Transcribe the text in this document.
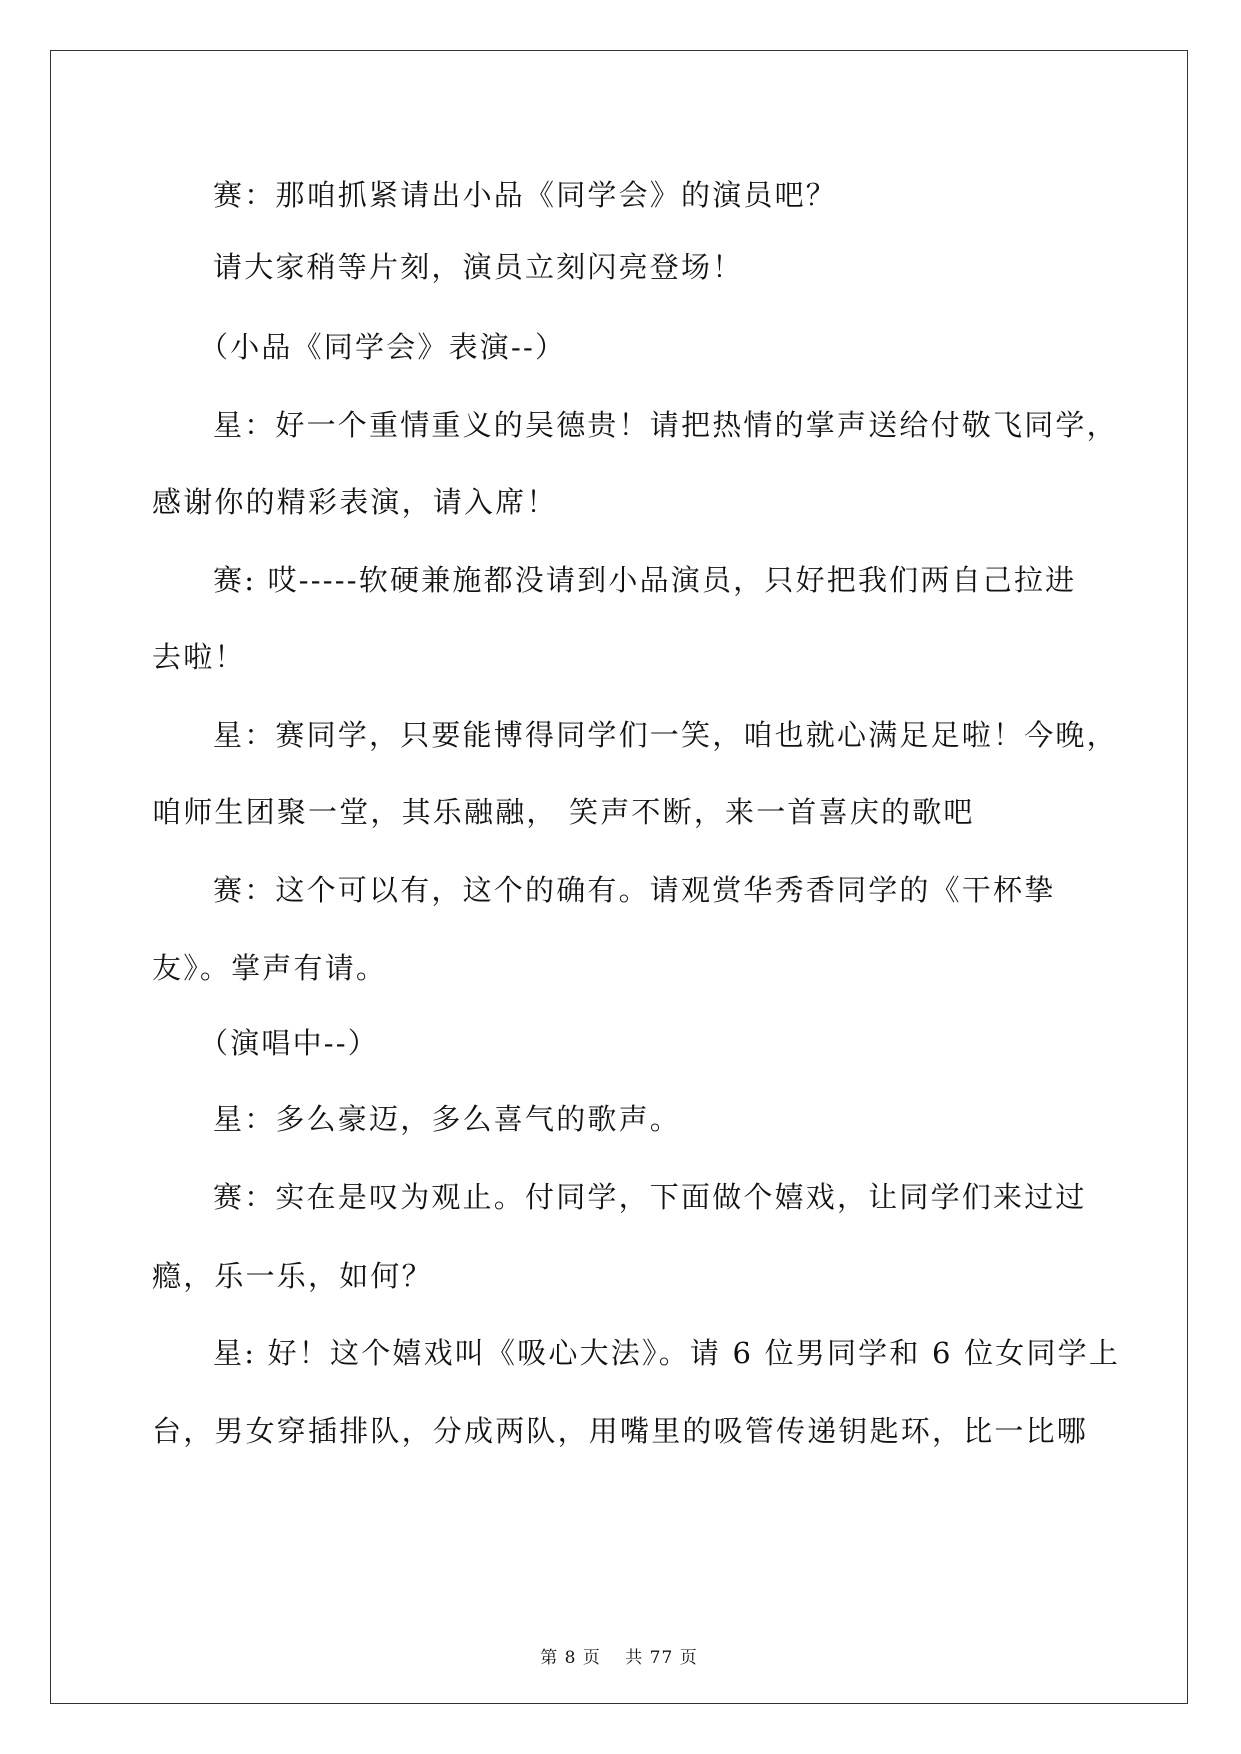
赛：那咱抓紧请出小品《同学会》的演员吧？
请大家稍等片刻，演员立刻闪亮登场！
（小品《同学会》表演--）
星：好一个重情重义的吴德贵！请把热情的掌声送给付敬飞同学，
感谢你的精彩表演，请入席！
赛: 哎-----软硬兼施都没请到小品演员，只好把我们两自己拉进
去啦！
星：赛同学，只要能博得同学们一笑，咱也就心满足足啦！今晚，
咱师生团聚一堂，其乐融融， 笑声不断，来一首喜庆的歌吧
赛：这个可以有，这个的确有。请观赏华秀香同学的《干杯挚
友》。掌声有请。
（演唱中--）
星：多么豪迈，多么喜气的歌声。
赛：实在是叹为观止。付同学，下面做个嬉戏，让同学们来过过
瘾，乐一乐，如何？
星: 好！这个嬉戏叫《吸心大法》。请 6 位男同学和 6 位女同学上
台，男女穿插排队，分成两队，用嘴里的吸管传递钥匙环，比一比哪
第 8 页 共 77 页
